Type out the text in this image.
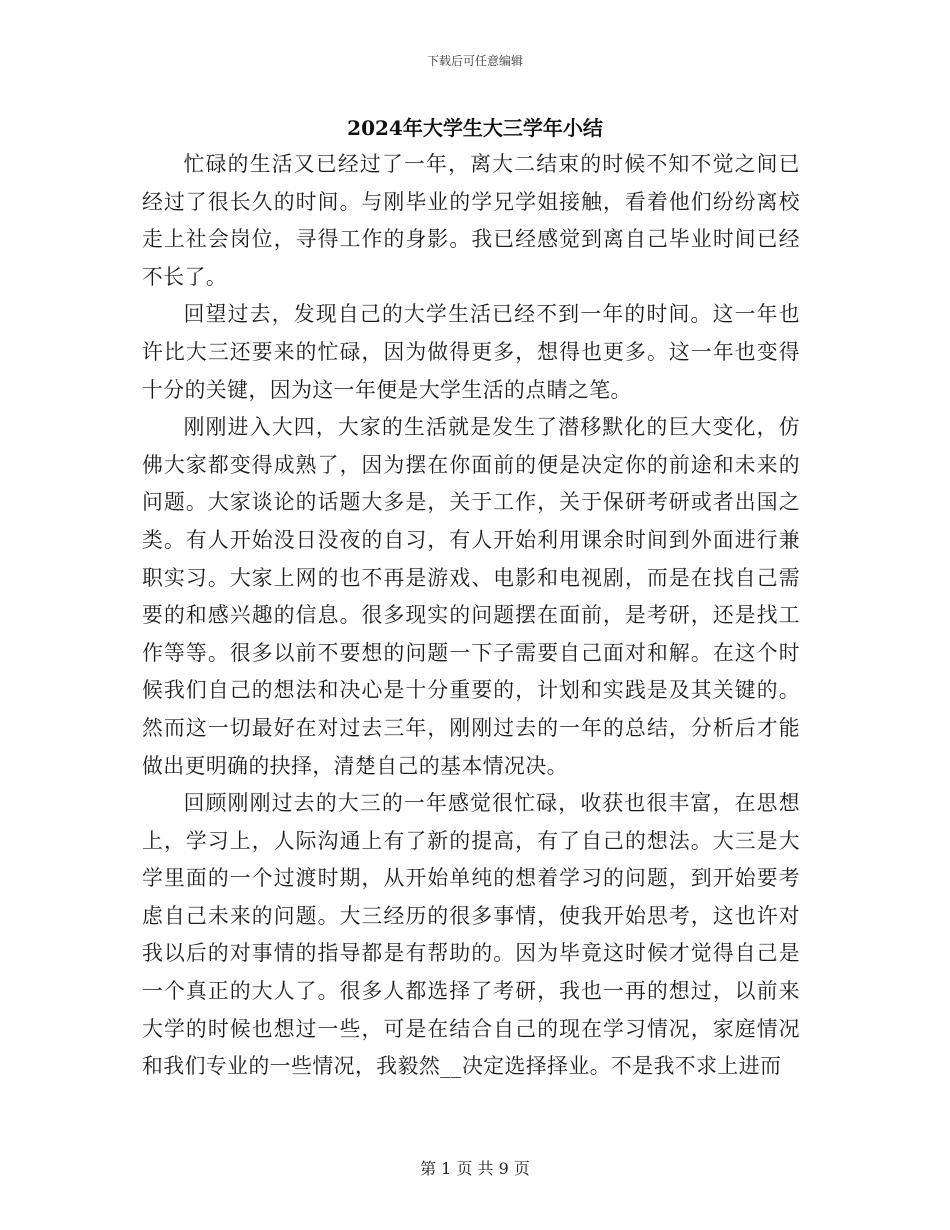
下载后可任意编辑
2024年大学生大三学年小结

忙碌的生活又已经过了一年，离大二结束的时候不知不觉之间已经过了很长久的时间。与刚毕业的学兄学姐接触，看着他们纷纷离校走上社会岗位，寻得工作的身影。我已经感觉到离自己毕业时间已经不长了。

回望过去，发现自己的大学生活已经不到一年的时间。这一年也许比大三还要来的忙碌，因为做得更多，想得也更多。这一年也变得十分的关键，因为这一年便是大学生活的点睛之笔。

刚刚进入大四，大家的生活就是发生了潜移默化的巨大变化，仿佛大家都变得成熟了，因为摆在你面前的便是决定你的前途和未来的问题。大家谈论的话题大多是，关于工作，关于保研考研或者出国之类。有人开始没日没夜的自习，有人开始利用课余时间到外面进行兼职实习。大家上网的也不再是游戏、电影和电视剧，而是在找自己需要的和感兴趣的信息。很多现实的问题摆在面前，是考研，还是找工作等等。很多以前不要想的问题一下子需要自己面对和解。在这个时候我们自己的想法和决心是十分重要的，计划和实践是及其关键的。然而这一切最好在对过去三年，刚刚过去的一年的总结，分析后才能做出更明确的抉择，清楚自己的基本情况决。

回顾刚刚过去的大三的一年感觉很忙碌，收获也很丰富，在思想上，学习上，人际沟通上有了新的提高，有了自己的想法。大三是大学里面的一个过渡时期，从开始单纯的想着学习的问题，到开始要考虑自己未来的问题。大三经历的很多事情，使我开始思考，这也许对我以后的对事情的指导都是有帮助的。因为毕竟这时候才觉得自己是一个真正的大人了。很多人都选择了考研，我也一再的想过，以前来大学的时候也想过一些，可是在结合自己的现在学习情况，家庭情况和我们专业的一些情况，我毅然__决定选择择业。不是我不求上进而

第 1 页 共 9 页
